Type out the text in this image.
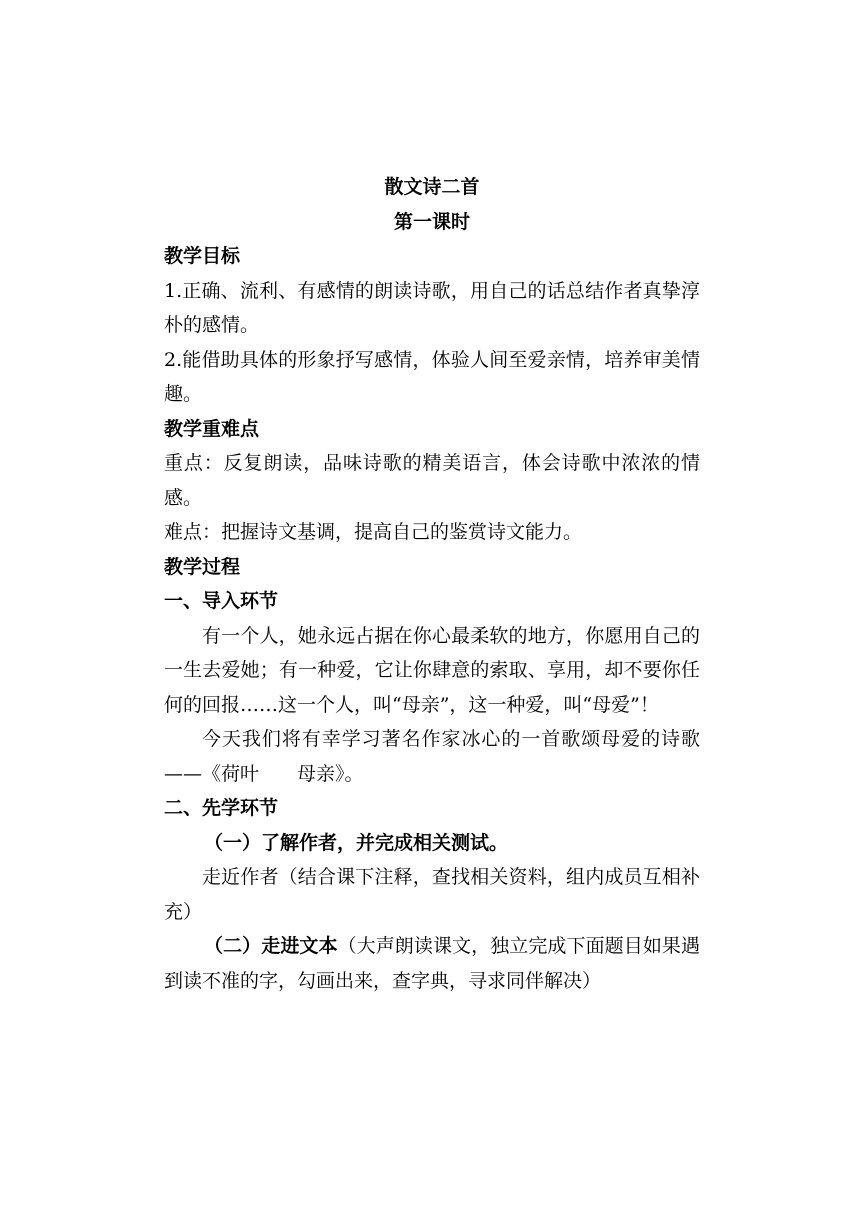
散文诗二首
第一课时
教学目标
1.正确、流利、有感情的朗读诗歌，用自己的话总结作者真挚淳朴的感情。
2.能借助具体的形象抒写感情，体验人间至爱亲情，培养审美情趣。
教学重难点
重点：反复朗读，品味诗歌的精美语言，体会诗歌中浓浓的情感。
难点：把握诗文基调，提高自己的鉴赏诗文能力。
教学过程
一、导入环节
有一个人，她永远占据在你心最柔软的地方，你愿用自己的一生去爱她；有一种爱，它让你肆意的索取、享用，却不要你任何的回报……这一个人，叫“母亲”，这一种爱，叫“母爱”！
今天我们将有幸学习著名作家冰心的一首歌颂母爱的诗歌——《荷叶　　母亲》。
二、先学环节
（一）了解作者，并完成相关测试。
走近作者（结合课下注释，查找相关资料，组内成员互相补充）
（二）走进文本（大声朗读课文，独立完成下面题目如果遇到读不准的字，勾画出来，查字典，寻求同伴解决）
